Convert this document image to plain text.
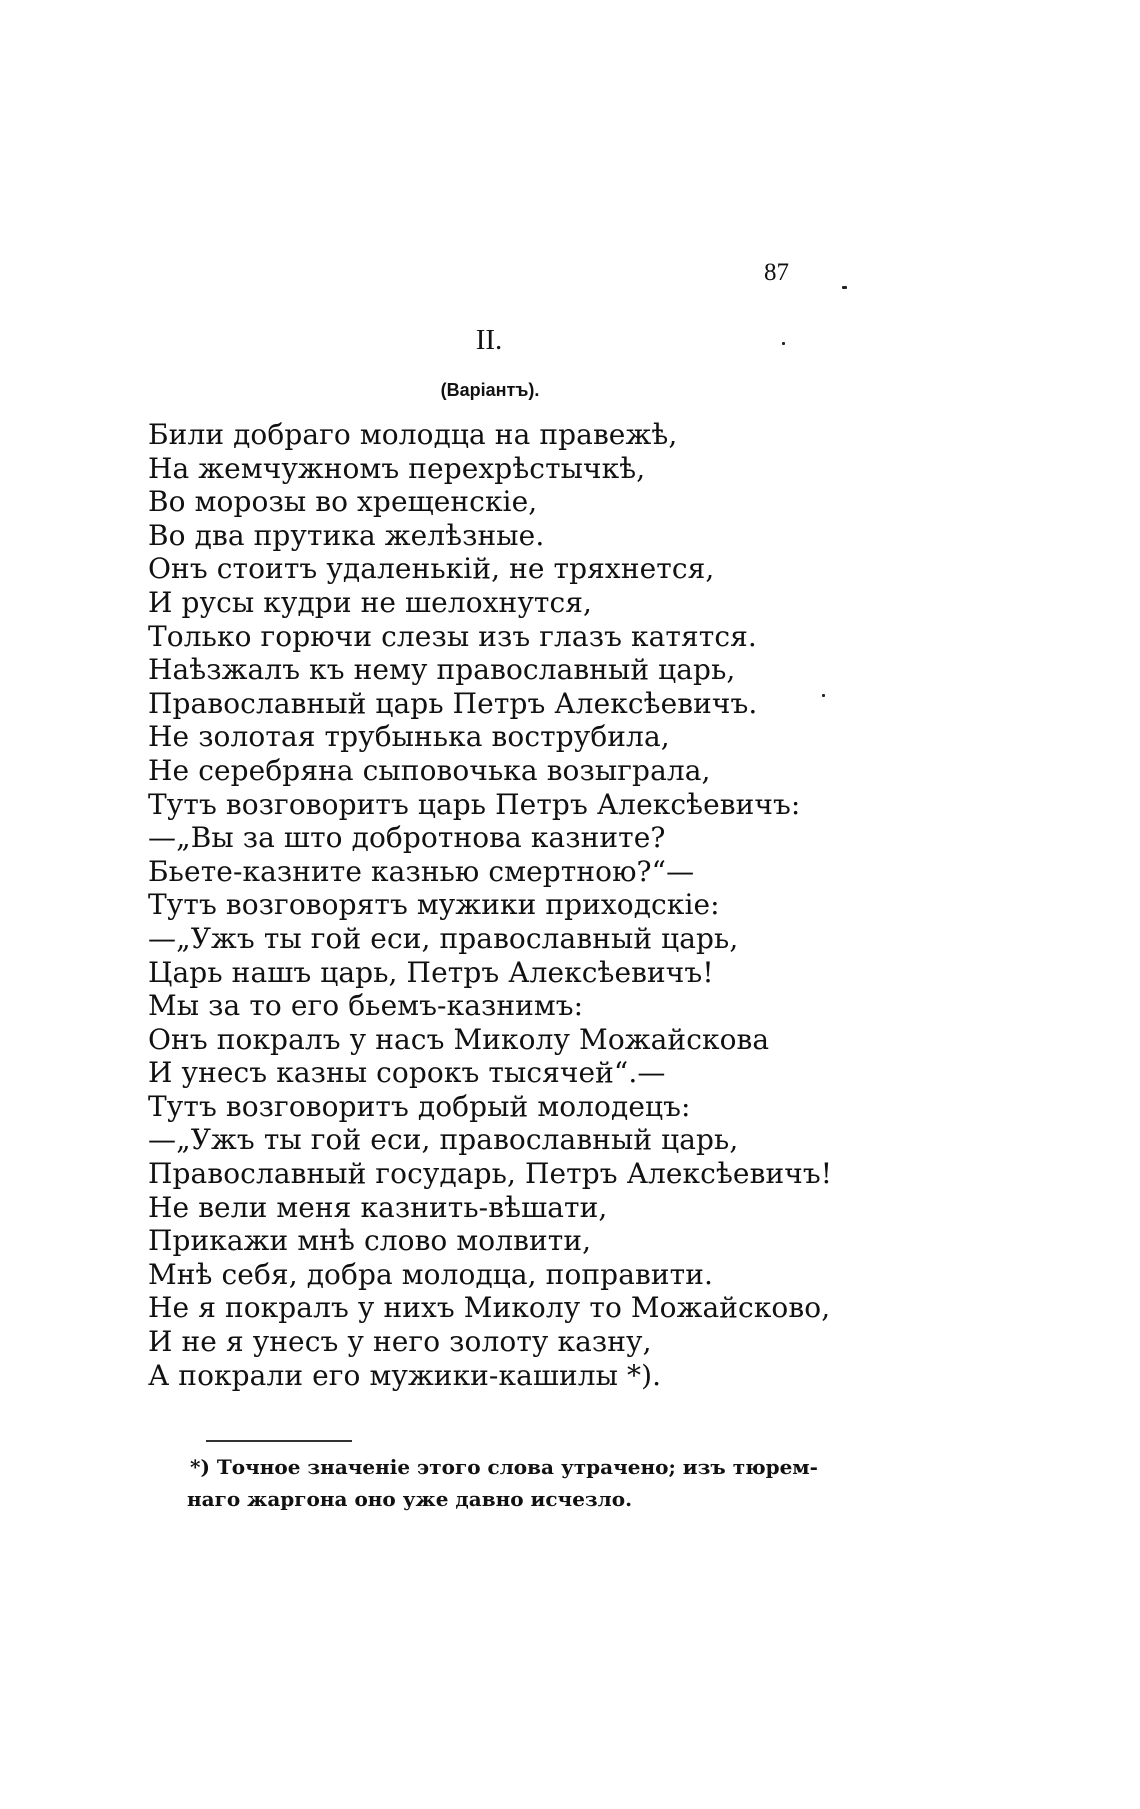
87
II.
(Варіантъ).
Били добраго молодца на правежѣ,
На жемчужномъ перехрѣстычкѣ,
Во морозы во хрещенскіе,
Во два прутика желѣзные.
Онъ стоитъ удаленькій, не тряхнется,
И русы кудри не шелохнутся,
Только горючи слезы изъ глазъ катятся.
Наѣзжалъ къ нему православный царь,
Православный царь Петръ Алексѣевичъ.
Не золотая трубынька вострубила,
Не серебряна сыповочька возыграла,
Тутъ возговоритъ царь Петръ Алексѣевичъ:
—„Вы за што добротнова казните?
Бьете-казните казнью смертною?“—
Тутъ возговорятъ мужики приходскіе:
—„Ужъ ты гой еси, православный царь,
Царь нашъ царь, Петръ Алексѣевичъ!
Мы за то его бьемъ-казнимъ:
Онъ покралъ у насъ Миколу Можайскова
И унесъ казны сорокъ тысячей“.—
Тутъ возговоритъ добрый молодецъ:
—„Ужъ ты гой еси, православный царь,
Православный государь, Петръ Алексѣевичъ!
Не вели меня казнить-вѣшати,
Прикажи мнѣ слово молвити,
Мнѣ себя, добра молодца, поправити.
Не я покралъ у нихъ Миколу то Можайсково,
И не я унесъ у него золоту казну,
А покрали его мужики-кашилы *).
*) Точное значеніе этого слова утрачено; изъ тюрем-
наго жаргона оно уже давно исчезло.
